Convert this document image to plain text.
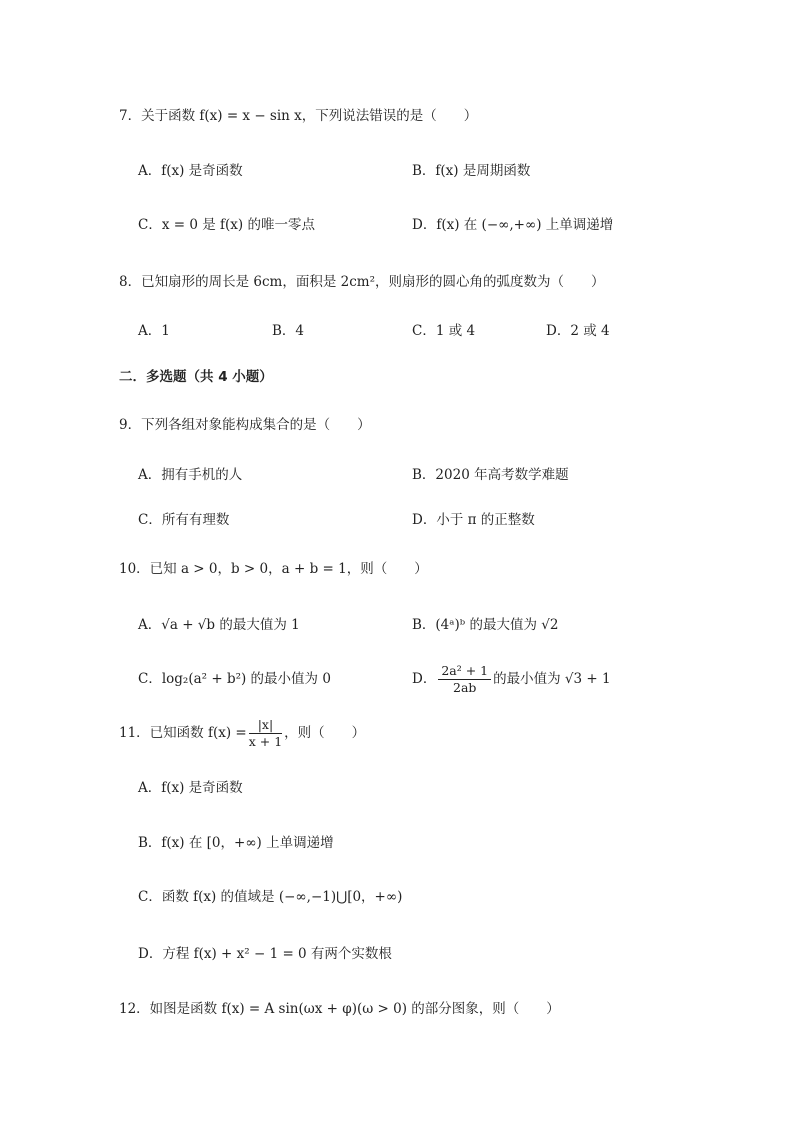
7．关于函数 f(x) = x − sin x，下列说法错误的是（　　）
A．f(x) 是奇函数	B．f(x) 是周期函数
C．x = 0 是 f(x) 的唯一零点	D．f(x) 在 (−∞,+∞) 上单调递增
8．已知扇形的周长是 6cm，面积是 2cm²，则扇形的圆心角的弧度数为（　　）
A．1	B．4	C．1 或 4	D．2 或 4
二．多选题（共 4 小题）
9．下列各组对象能构成集合的是（　　）
A．拥有手机的人	B．2020 年高考数学难题
C．所有有理数	D．小于 π 的正整数
10．已知 a > 0，b > 0，a + b = 1，则（　　）
A．√a + √b 的最大值为 1	B．(4ᵃ)ᵇ 的最大值为 √2
C．log₂(a² + b²) 的最小值为 0	D． $\frac{\text{2a² + 1}}{2ab}$ 的最小值为 √3 + 1
11．已知函数 $f(x) = \frac{|x|}{x + 1}$ ，则（　　）
A．f(x) 是奇函数
B．f(x) 在 [0，+∞) 上单调递增
C．函数 f(x) 的值域是 (−∞,−1)⋃[0，+∞)
D．方程 f(x) + x² − 1 = 0 有两个实数根
12．如图是函数 f(x) = A sin(ωx + φ)(ω > 0) 的部分图象，则（　　）
